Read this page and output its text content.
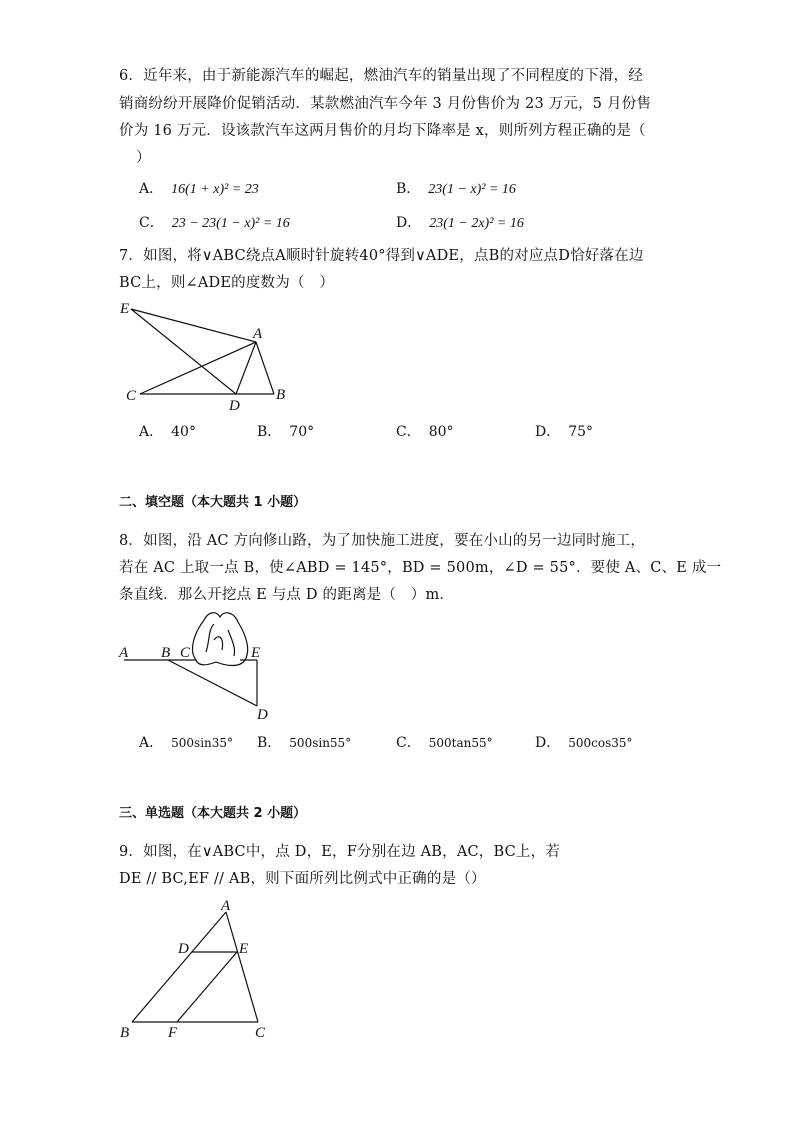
6．近年来，由于新能源汽车的崛起，燃油汽车的销量出现了不同程度的下滑，经
销商纷纷开展降价促销活动．某款燃油汽车今年 3 月份售价为 23 万元，5 月份售
价为 16 万元．设该款汽车这两月售价的月均下降率是 x，则所列方程正确的是（
）
A． 16(1 + x)² = 23	B． 23(1 − x)² = 16
C． 23 − 23(1 − x)² = 16	D． 23(1 − 2x)² = 16
7．如图，将∨ABC绕点A顺时针旋转40°得到∨ADE，点B的对应点D恰好落在边
BC上，则∠ADE的度数为（　）
E
A
C
D
B
A． 40°	B． 70°	C． 80°	D． 75°
二、填空题（本大题共 1 小题）
8．如图，沿 AC 方向修山路，为了加快施工进度，要在小山的另一边同时施工，
若在 AC 上取一点 B，使∠ABD = 145°，BD = 500m，∠D = 55°．要使 A、C、E 成一
条直线．那么开挖点 E 与点 D 的距离是（　）m．
A B C	E
D
A． 500sin35° B． 500sin55°	C． 500tan55°	D． 500cos35°
三、单选题（本大题共 2 小题）
9．如图，在∨ABC中，点 D，E，F分别在边 AB，AC，BC上，若
DE // BC,EF // AB，则下面所列比例式中正确的是（）
A
D	E
B	F	C
